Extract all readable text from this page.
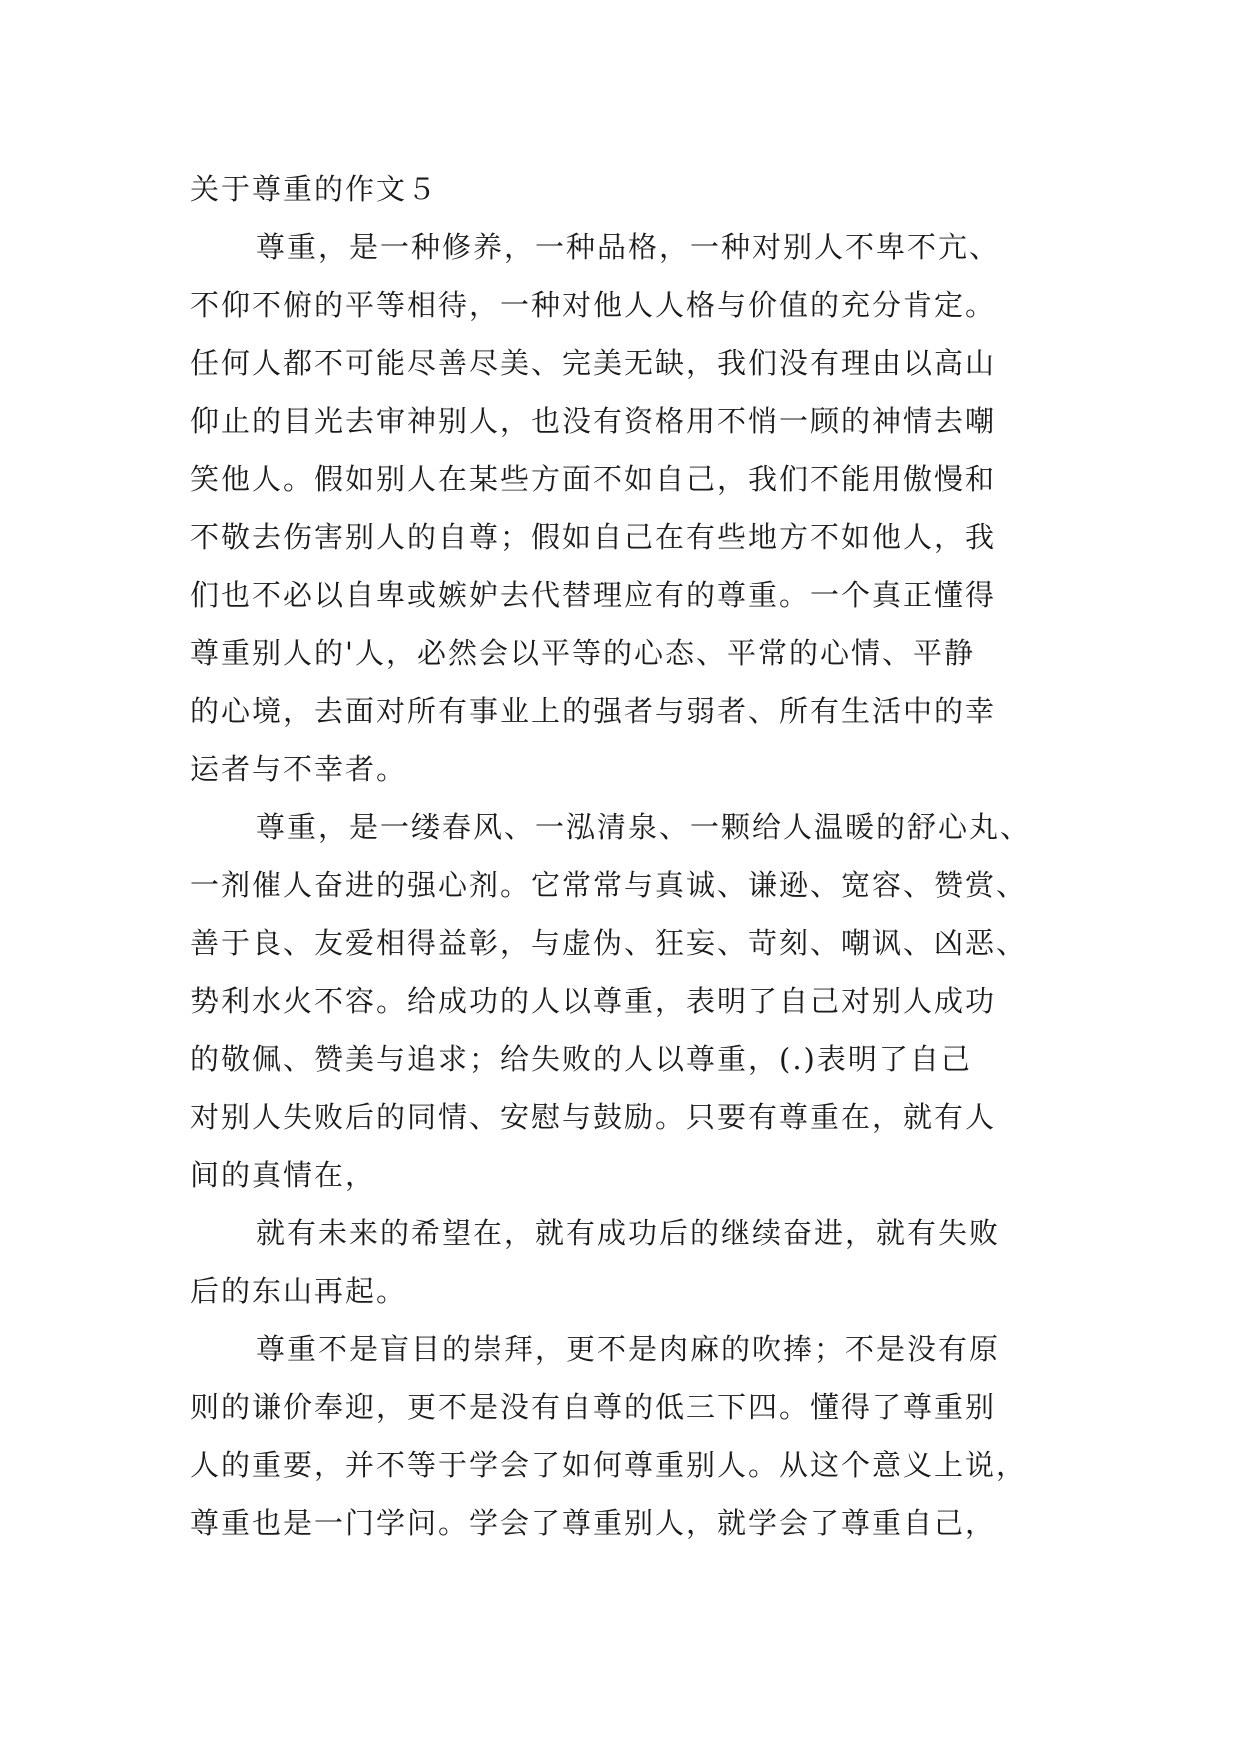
关于尊重的作文５
尊重，是一种修养，一种品格，一种对别人不卑不亢、
不仰不俯的平等相待，一种对他人人格与价值的充分肯定。
任何人都不可能尽善尽美、完美无缺，我们没有理由以高山
仰止的目光去审神别人，也没有资格用不悄一顾的神情去嘲
笑他人。假如别人在某些方面不如自己，我们不能用傲慢和
不敬去伤害别人的自尊；假如自己在有些地方不如他人，我
们也不必以自卑或嫉妒去代替理应有的尊重。一个真正懂得
尊重别人的'人，必然会以平等的心态、平常的心情、平静
的心境，去面对所有事业上的强者与弱者、所有生活中的幸
运者与不幸者。
尊重，是一缕春风、一泓清泉、一颗给人温暖的舒心丸、
一剂催人奋进的强心剂。它常常与真诚、谦逊、宽容、赞赏、
善于良、友爱相得益彰，与虚伪、狂妄、苛刻、嘲讽、凶恶、
势利水火不容。给成功的人以尊重，表明了自己对别人成功
的敬佩、赞美与追求；给失败的人以尊重，(.)表明了自己
对别人失败后的同情、安慰与鼓励。只要有尊重在，就有人
间的真情在，
就有未来的希望在，就有成功后的继续奋进，就有失败
后的东山再起。
尊重不是盲目的崇拜，更不是肉麻的吹捧；不是没有原
则的谦价奉迎，更不是没有自尊的低三下四。懂得了尊重别
人的重要，并不等于学会了如何尊重别人。从这个意义上说，
尊重也是一门学问。学会了尊重别人，就学会了尊重自己，
